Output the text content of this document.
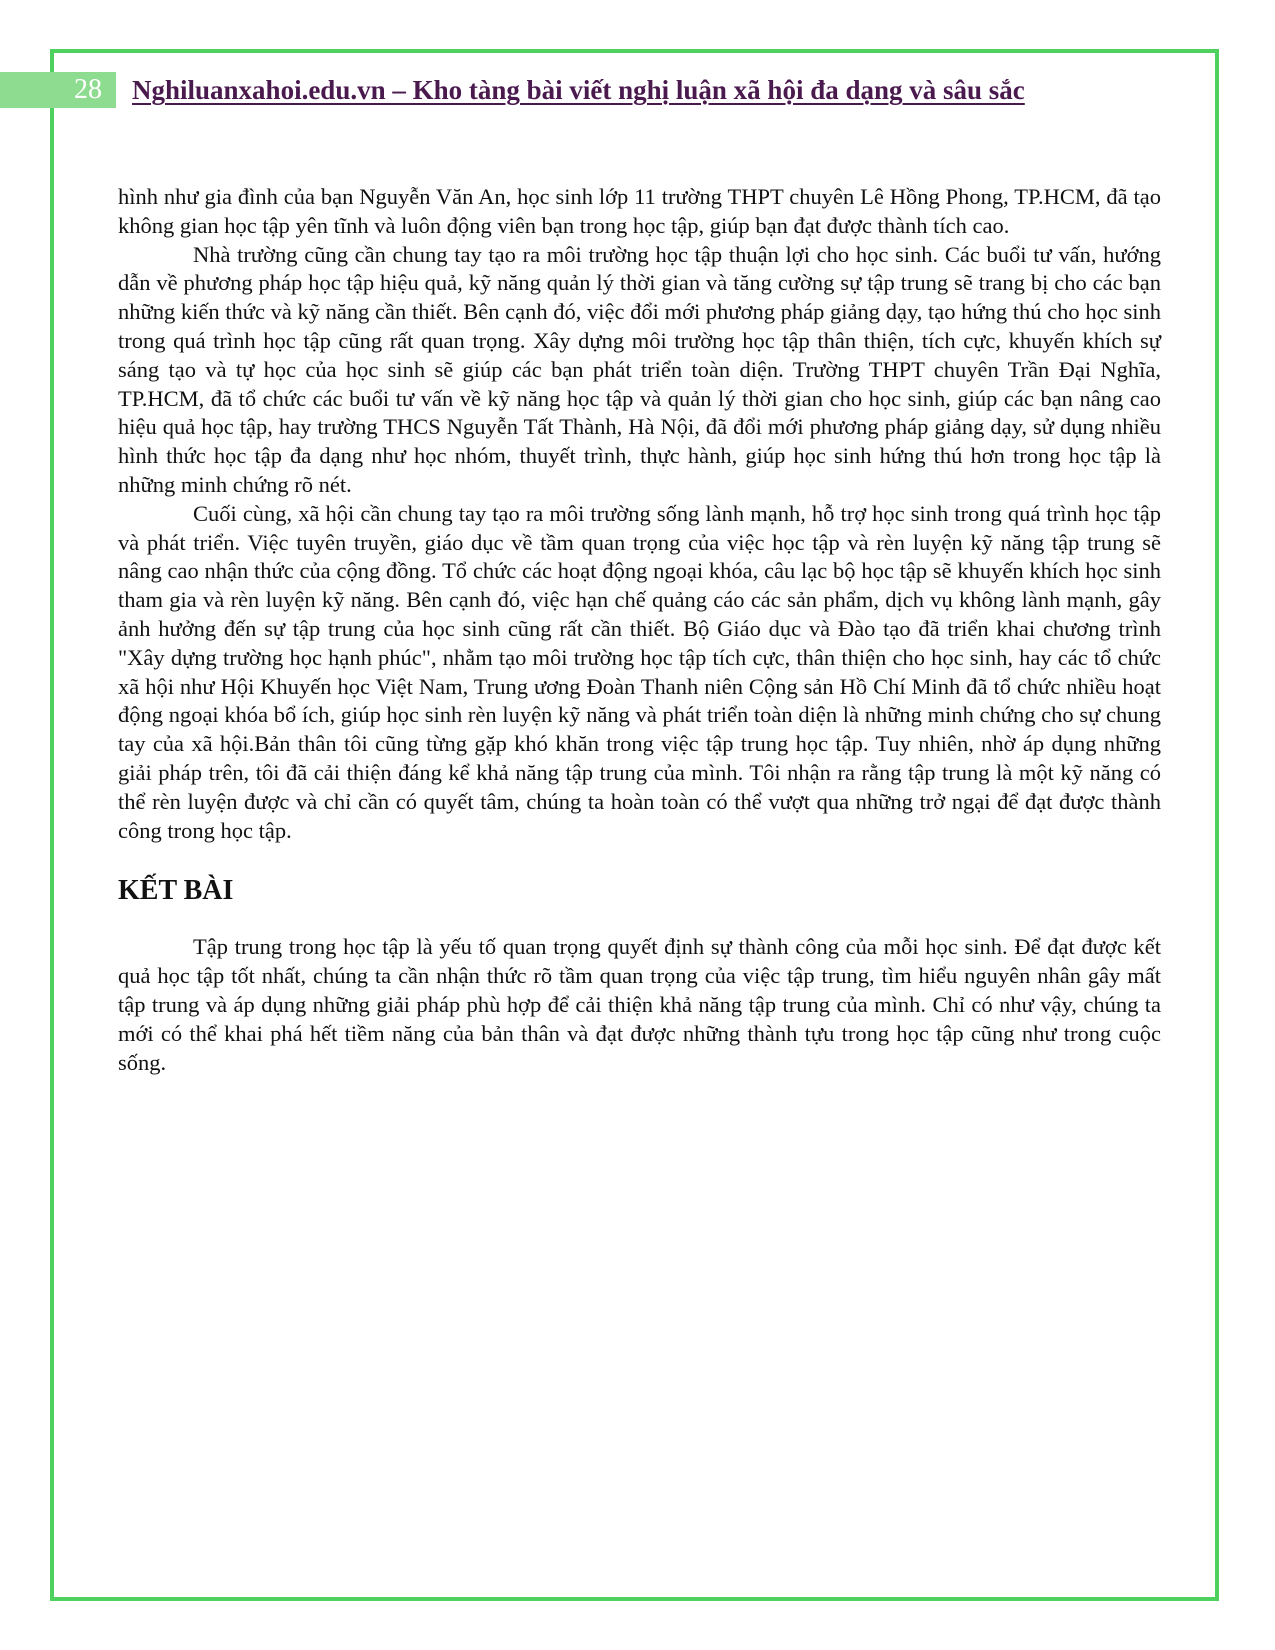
28	Nghiluanxahoi.edu.vn – Kho tàng bài viết nghị luận xã hội đa dạng và sâu sắc

hình như gia đình của bạn Nguyễn Văn An, học sinh lớp 11 trường THPT chuyên Lê Hồng Phong, TP.HCM, đã tạo không gian học tập yên tĩnh và luôn động viên bạn trong học tập, giúp bạn đạt được thành tích cao.

Nhà trường cũng cần chung tay tạo ra môi trường học tập thuận lợi cho học sinh. Các buổi tư vấn, hướng dẫn về phương pháp học tập hiệu quả, kỹ năng quản lý thời gian và tăng cường sự tập trung sẽ trang bị cho các bạn những kiến thức và kỹ năng cần thiết. Bên cạnh đó, việc đổi mới phương pháp giảng dạy, tạo hứng thú cho học sinh trong quá trình học tập cũng rất quan trọng. Xây dựng môi trường học tập thân thiện, tích cực, khuyến khích sự sáng tạo và tự học của học sinh sẽ giúp các bạn phát triển toàn diện. Trường THPT chuyên Trần Đại Nghĩa, TP.HCM, đã tổ chức các buổi tư vấn về kỹ năng học tập và quản lý thời gian cho học sinh, giúp các bạn nâng cao hiệu quả học tập, hay trường THCS Nguyễn Tất Thành, Hà Nội, đã đổi mới phương pháp giảng dạy, sử dụng nhiều hình thức học tập đa dạng như học nhóm, thuyết trình, thực hành, giúp học sinh hứng thú hơn trong học tập là những minh chứng rõ nét.

Cuối cùng, xã hội cần chung tay tạo ra môi trường sống lành mạnh, hỗ trợ học sinh trong quá trình học tập và phát triển. Việc tuyên truyền, giáo dục về tầm quan trọng của việc học tập và rèn luyện kỹ năng tập trung sẽ nâng cao nhận thức của cộng đồng. Tổ chức các hoạt động ngoại khóa, câu lạc bộ học tập sẽ khuyến khích học sinh tham gia và rèn luyện kỹ năng. Bên cạnh đó, việc hạn chế quảng cáo các sản phẩm, dịch vụ không lành mạnh, gây ảnh hưởng đến sự tập trung của học sinh cũng rất cần thiết. Bộ Giáo dục và Đào tạo đã triển khai chương trình "Xây dựng trường học hạnh phúc", nhằm tạo môi trường học tập tích cực, thân thiện cho học sinh, hay các tổ chức xã hội như Hội Khuyến học Việt Nam, Trung ương Đoàn Thanh niên Cộng sản Hồ Chí Minh đã tổ chức nhiều hoạt động ngoại khóa bổ ích, giúp học sinh rèn luyện kỹ năng và phát triển toàn diện là những minh chứng cho sự chung tay của xã hội.Bản thân tôi cũng từng gặp khó khăn trong việc tập trung học tập. Tuy nhiên, nhờ áp dụng những giải pháp trên, tôi đã cải thiện đáng kể khả năng tập trung của mình. Tôi nhận ra rằng tập trung là một kỹ năng có thể rèn luyện được và chỉ cần có quyết tâm, chúng ta hoàn toàn có thể vượt qua những trở ngại để đạt được thành công trong học tập.

KẾT BÀI

Tập trung trong học tập là yếu tố quan trọng quyết định sự thành công của mỗi học sinh. Để đạt được kết quả học tập tốt nhất, chúng ta cần nhận thức rõ tầm quan trọng của việc tập trung, tìm hiểu nguyên nhân gây mất tập trung và áp dụng những giải pháp phù hợp để cải thiện khả năng tập trung của mình. Chỉ có như vậy, chúng ta mới có thể khai phá hết tiềm năng của bản thân và đạt được những thành tựu trong học tập cũng như trong cuộc sống.
